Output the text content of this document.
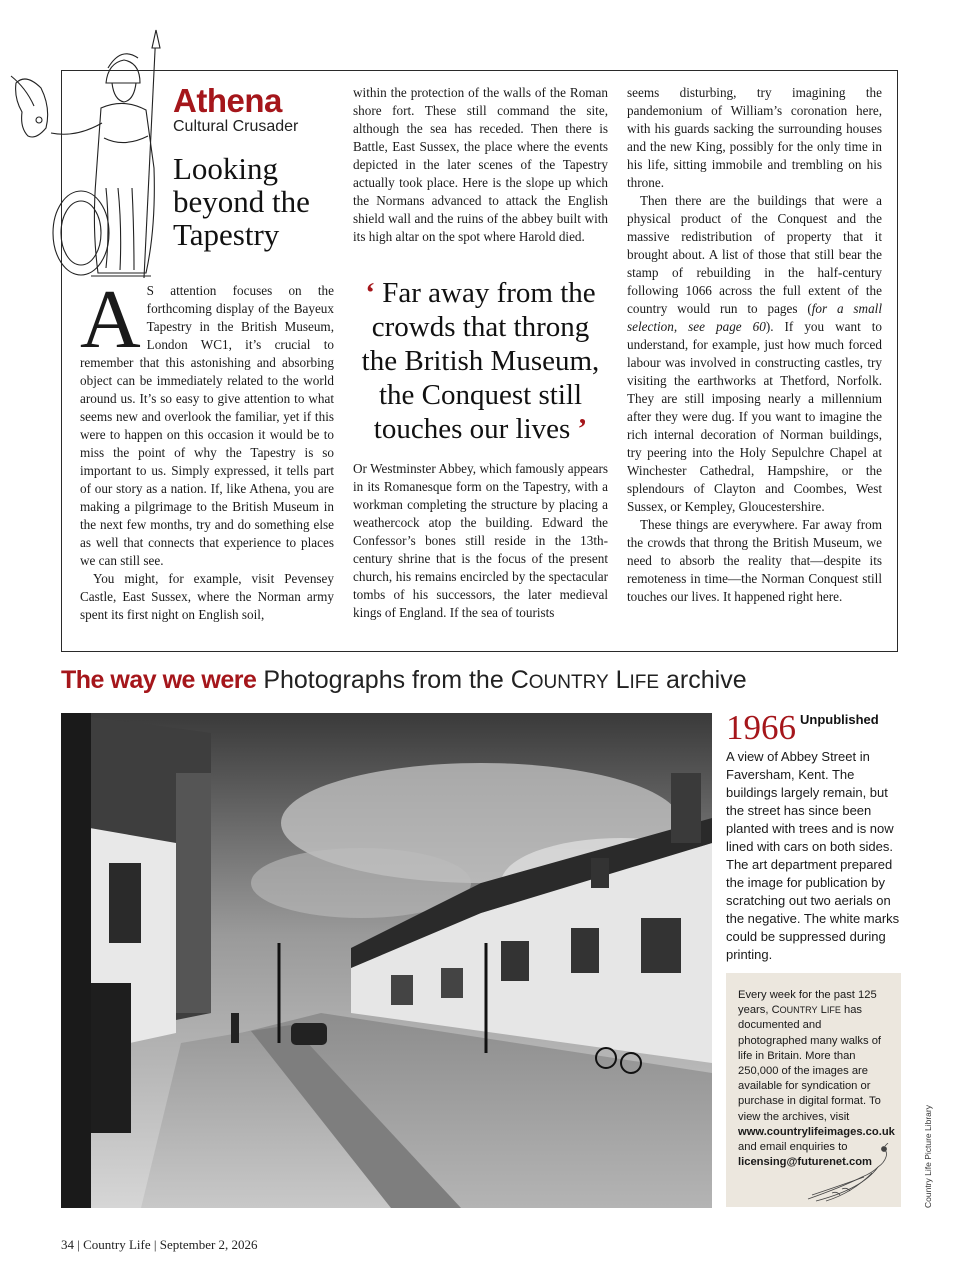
Athena
Cultural Crusader
Looking beyond the Tapestry

A S attention focuses on the forthcoming display of the Bayeux Tapestry in the British Museum, London WC1, it’s crucial to remember that this astonishing and absorbing object can be immediately related to the world around us. It’s so easy to give attention to what seems new and overlook the familiar, yet if this were to happen on this occasion it would be to miss the point of why the Tapestry is so important to us. Simply expressed, it tells part of our story as a nation. If, like Athena, you are making a pilgrimage to the British Museum in the next few months, try and do something else as well that connects that experience to places we can still see.

You might, for example, visit Pevensey Castle, East Sussex, where the Norman army spent its first night on English soil,

within the protection of the walls of the Roman shore fort. These still command the site, although the sea has receded. Then there is Battle, East Sussex, the place where the events depicted in the later scenes of the Tapestry actually took place. Here is the slope up which the Normans advanced to attack the English shield wall and the ruins of the abbey built with its high altar on the spot where Harold died.

‘ Far away from the crowds that throng the British Museum, the Conquest still touches our lives ’

Or Westminster Abbey, which famously appears in its Romanesque form on the Tapestry, with a workman completing the structure by placing a weathercock atop the building. Edward the Confessor’s bones still reside in the 13th-century shrine that is the focus of the present church, his remains encircled by the spectacular tombs of his successors, the later medieval kings of England. If the sea of tourists

seems disturbing, try imagining the pandemonium of William’s coronation here, with his guards sacking the surrounding houses and the new King, possibly for the only time in his life, sitting immobile and trembling on his throne.

Then there are the buildings that were a physical product of the Conquest and the massive redistribution of property that it brought about. A list of those that still bear the stamp of rebuilding in the half-century following 1066 across the full extent of the country would run to pages (for a small selection, see page 60). If you want to understand, for example, just how much forced labour was involved in constructing castles, try visiting the earthworks at Thetford, Norfolk. They are still imposing nearly a millennium after they were dug. If you want to imagine the rich internal decoration of Norman buildings, try peering into the Holy Sepulchre Chapel at Winchester Cathedral, Hampshire, or the splendours of Clayton and Coombes, West Sussex, or Kempley, Gloucestershire.

These things are everywhere. Far away from the crowds that throng the British Museum, we need to absorb the reality that—despite its remoteness in time—the Norman Conquest still touches our lives. It happened right here.

The way we were Photographs from the COUNTRY LIFE archive
1966 $^{Unpublished}$
A view of Abbey Street in Faversham, Kent. The buildings largely remain, but the street has since been planted with trees and is now lined with cars on both sides. The art department prepared the image for publication by scratching out two aerials on the negative. The white marks could be suppressed during printing.
Every week for the past 125 years, COUNTRY LIFE has documented and photographed many walks of life in Britain. More than 250,000 of the images are available for syndication or purchase in digital format. To view the archives, visit www.countrylifeimages.co.uk and email enquiries to licensing@futurenet.com	Country Life Picture Library
34 | Country Life | September 2, 2026
